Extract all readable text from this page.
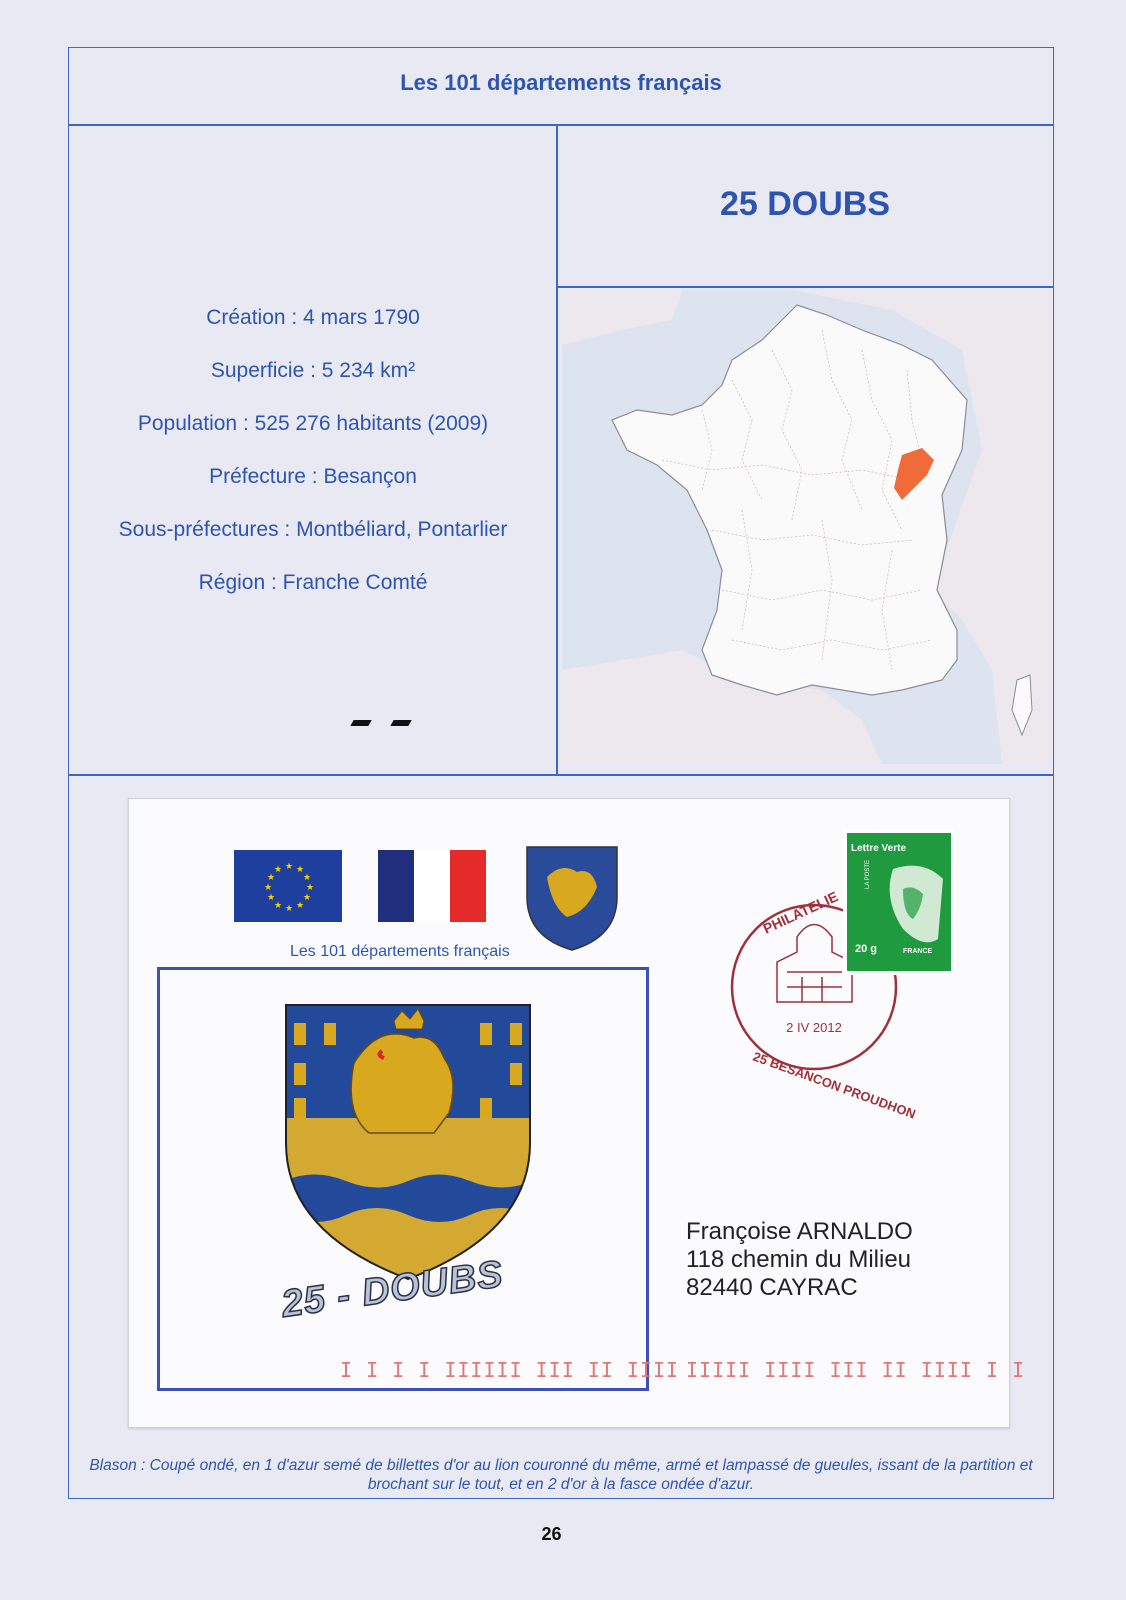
Les 101 départements français
25 DOUBS
Création : 4 mars 1790
Superficie : 5 234 km²
Population : 525 276 habitants (2009)
Préfecture : Besançon
Sous-préfectures : Montbéliard, Pontarlier
Région : Franche Comté
★ ★
★
★
★
★
★
★
★
★
★
★
Les 101 départements français
25 - DOUBS
I I I I IIIIII III II IIII IIIII IIII III II IIII I I
2 IV 2012
PHILATELIE
25 BESANCON PROUDHON
Lettre Verte
20 g	FRANCE
LA POSTE
Françoise ARNALDO
118 chemin du Milieu
82440 CAYRAC
Blason : Coupé ondé, en 1 d'azur semé de billettes d'or au lion couronné du même, armé et lampassé de gueules, issant de la partition et brochant sur le tout, et en 2 d'or à la fasce ondée d'azur.
26
